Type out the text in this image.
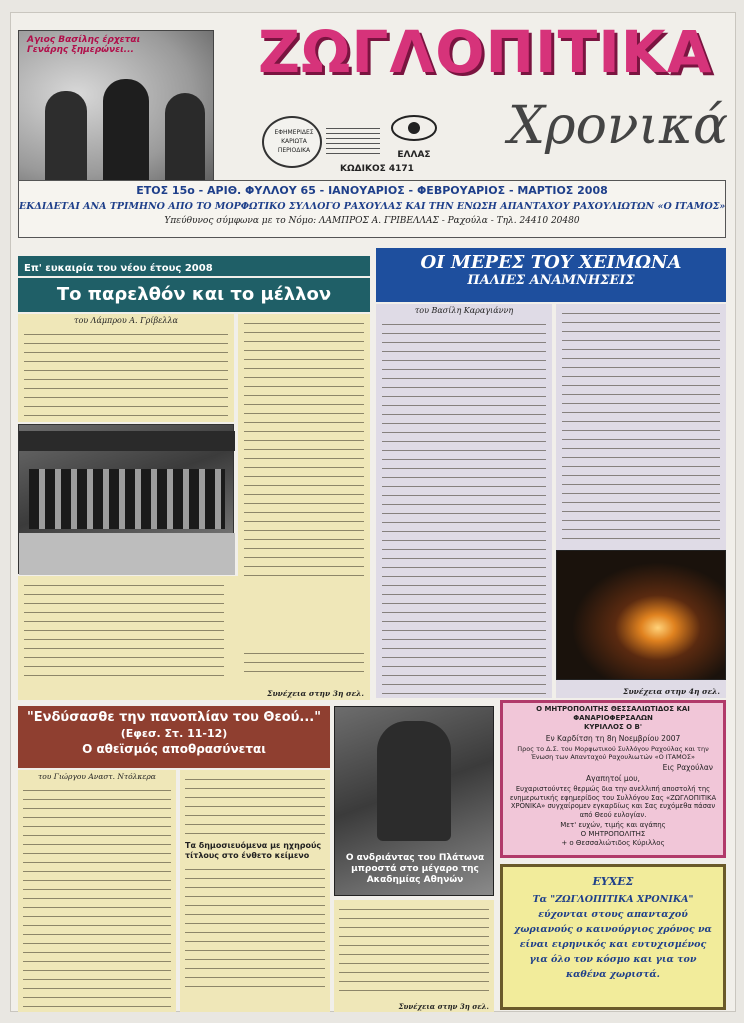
Αγιος Βασίλης έρχεται
Γενάρης ξημερώνει...	ΖΩΓΛΟΠΙΤΙΚΑ
Χρονικά
ΕΦΗΜΕΡΙΔΕΣ ΚΑΡΙΩΤΑ ΠΕΡΙΟΔΙΚΑ	ΕΛΛΑΣ
ΚΩΔΙΚΟΣ 4171
ΕΤΟΣ 15ο - ΑΡΙΘ. ΦΥΛΛΟΥ 65 - ΙΑΝΟΥΑΡΙΟΣ - ΦΕΒΡΟΥΑΡΙΟΣ - ΜΑΡΤΙΟΣ 2008
ΕΚΔΙΔΕΤΑΙ ΑΝΑ ΤΡΙΜΗΝΟ ΑΠΟ ΤΟ ΜΟΡΦΩΤΙΚΟ ΣΥΛΛΟΓΟ ΡΑΧΟΥΛΑΣ ΚΑΙ ΤΗΝ ΕΝΩΣΗ ΑΠΑΝΤΑΧΟΥ ΡΑΧΟΥΛΙΩΤΩΝ «Ο ΙΤΑΜΟΣ»
Υπεύθυνος σύμφωνα με το Νόμο: ΛΑΜΠΡΟΣ Α. ΓΡΙΒΕΛΛΑΣ - Ραχούλα - Τηλ. 24410 20480
Επ' ευκαιρία του νέου έτους 2008
Το παρελθόν και το μέλλον
του Λάμπρου Α. Γρίβελλα
Συνέχεια στην 3η σελ.
ΟΙ ΜΕΡΕΣ ΤΟΥ ΧΕΙΜΩΝΑ
ΠΑΛΙΕΣ ΑΝΑΜΝΗΣΕΙΣ
του Βασίλη Καραγιάννη
Συνέχεια στην 4η σελ.
"Ενδύσασθε την πανοπλίαν του Θεού..."
(Εφεσ. Στ. 11-12)
Ο αθεϊσμός αποθρασύνεται
του Γιώργου Αναστ. Ντόλκερα
Τα δημοσιευόμενα με ηχηρούς τίτλους στο ένθετο κείμενο	Ο ανδριάντας του Πλάτωνα μπροστά στο μέγαρο της Ακαδημίας Αθηνών
Συνέχεια στην 3η σελ.
Ο ΜΗΤΡΟΠΟΛΙΤΗΣ ΘΕΣΣΑΛΙΩΤΙΔΟΣ ΚΑΙ ΦΑΝΑΡΙΟΦΕΡΣΑΛΩΝ
ΚΥΡΙΛΛΟΣ Ο Β'
Εν Καρδίτση τη 8η Νοεμβρίου 2007
Προς το Δ.Σ. του Μορφωτικού Συλλόγου Ραχούλας και την Ένωση των Απανταχού Ραχουλιωτών «Ο ΙΤΑΜΟΣ»
Εις Ραχούλαν
Αγαπητοί μου,
Ευχαριστούντες θερμώς δια την ανελλιπή αποστολή της ενημερωτικής εφημερίδος του Συλλόγου Σας «ΖΩΓΛΟΠΙΤΙΚΑ ΧΡΟΝΙΚΑ» συγχαίρομεν εγκαρδίως και Σας ευχόμεθα πάσαν από Θεού ευλογίαν.
Μετ' ευχών, τιμής και αγάπης
Ο ΜΗΤΡΟΠΟΛΙΤΗΣ
+ ο Θεσσαλιώτιδος Κύριλλος
ΕΥΧΕΣ
Τα "ΖΩΓΛΟΠΙΤΙΚΑ ΧΡΟΝΙΚΑ" εύχονται στους απανταχού χωριανούς ο καινούργιος χρόνος να είναι ειρηνικός και ευτυχισμένος για όλο τον κόσμο και για τον καθένα χωριστά.
